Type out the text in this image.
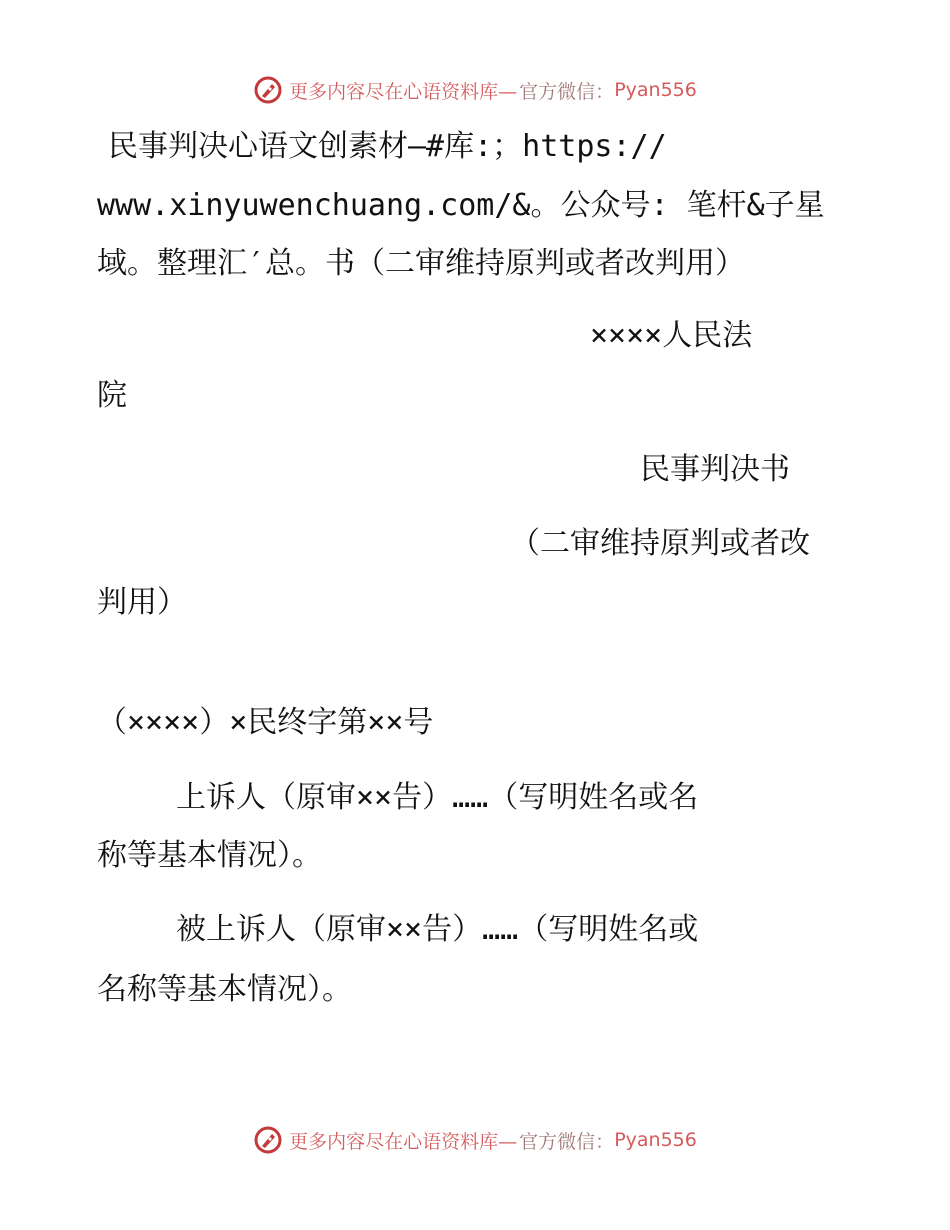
更多内容尽在心语资料库— 官方微信： Pyan556
民事判决心语文创素材—#库:；https://
www.xinyuwenchuang.com/&。公众号: 笔杆&子星
域。整理汇′总。书（二审维持原判或者改判用）
××××人民法
院
民事判决书
（二审维持原判或者改
判用）
（××××）×民终字第××号
上诉人（原审××告）……（写明姓名或名
称等基本情况）。
被上诉人（原审××告）……（写明姓名或
名称等基本情况）。
更多内容尽在心语资料库— 官方微信： Pyan556
